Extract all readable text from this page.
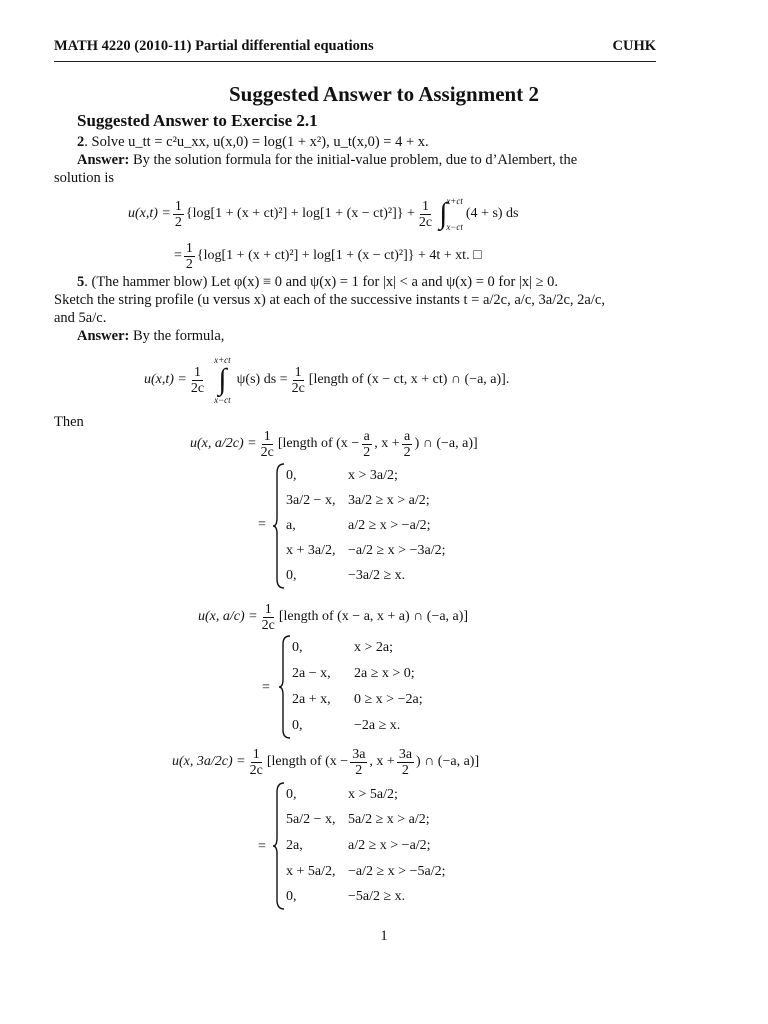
MATH 4220 (2010-11) Partial differential equations	CUHK
Suggested Answer to Assignment 2
Suggested Answer to Exercise 2.1
2. Solve u_tt = c²u_xx, u(x,0) = log(1 + x²), u_t(x,0) = 4 + x.
Answer: By the solution formula for the initial-value problem, due to d’Alembert, the
solution is
$u(x,t) = \frac{1}{2} \{\log[1 + (x + ct)^2] + \log[1 + (x - ct)^2]\} + \frac{1}{2c}$ ∫ x+ct
x−ct
(4 + s) ds
= $\frac{1}{2} \{\log[1 + (x + ct)^2] + \log[1 + (x - ct)^2]\} + 4t$ + xt. □
5. (The hammer blow) Let φ(x) ≡ 0 and ψ(x) = 1 for |x| < a and ψ(x) = 0 for |x| ≥ 0.
Sketch the string profile (u versus x) at each of the successive instants t = a/2c, a/c, 3a/2c, 2a/c,
and 5a/c.
Answer: By the formula,
$u(x,t) = \frac{1}{2c}$
x+ct
∫
x−ct
ψ(s) ds = $\frac{1}{2c}$ [length of (x − ct, x + ct) ∩ (−a, a)].
Then
u(x, $a/2c) = \frac{1}{2c}$ [length of ($x - \frac{a}{2}$ , $x + \frac{a}{2}$ ) ∩ (−a, a)]
=
0,	x > 3a/2;
3a/2 − x, 3a/2 ≥ x > a/2;
a,	a/2 ≥ x > −a/2;
x + 3a/2, −a/2 ≥ x > −3a/2;
0,	−3a/2 ≥ x.
u(x, $a/c) = \frac{1}{2c}$ [length of (x − a, x + a) ∩ (−a, a)]
=
0,	x > 2a;
2a − x,	2a ≥ x > 0;
2a + x,	0 ≥ x > −2a;
0,	−2a ≥ x.
u(x, $3a/2c) = \frac{1}{2c}$ [length of ($x - \frac{3a}{2}$ , $x + \frac{3a}{2}$ ) ∩ (−a, a)]
=
0,	x > 5a/2;
5a/2 − x, 5a/2 ≥ x > a/2;
2a,	a/2 ≥ x > −a/2;
x + 5a/2, −a/2 ≥ x > −5a/2;
0,	−5a/2 ≥ x.
1
